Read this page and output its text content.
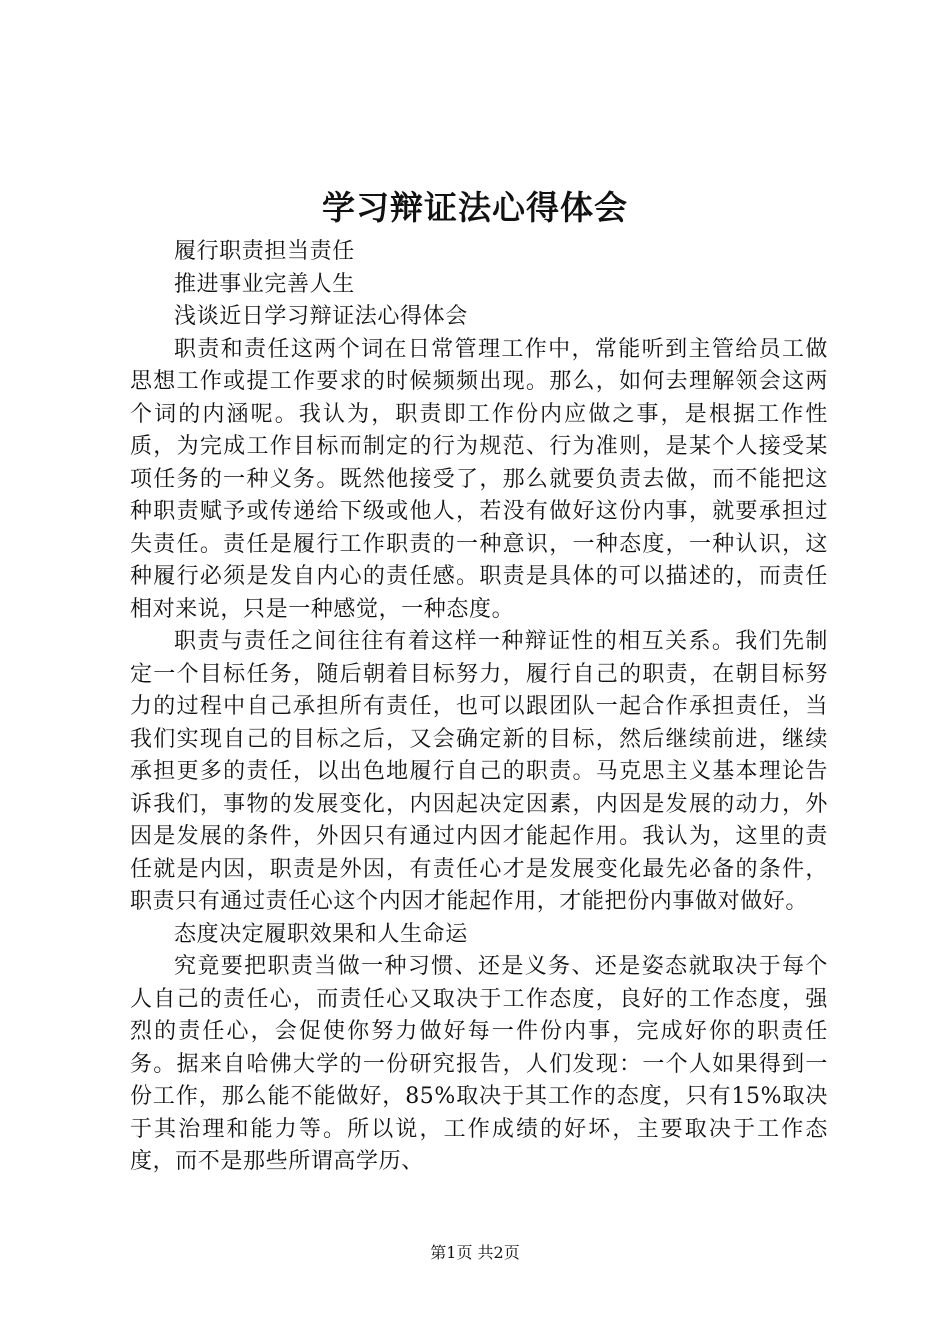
学习辩证法心得体会

履行职责担当责任

推进事业完善人生

浅谈近日学习辩证法心得体会

职责和责任这两个词在日常管理工作中，常能听到主管给员工做思想工作或提工作要求的时候频频出现。那么，如何去理解领会这两个词的内涵呢。我认为，职责即工作份内应做之事，是根据工作性质，为完成工作目标而制定的行为规范、行为准则，是某个人接受某项任务的一种义务。既然他接受了，那么就要负责去做，而不能把这种职责赋予或传递给下级或他人，若没有做好这份内事，就要承担过失责任。责任是履行工作职责的一种意识，一种态度，一种认识，这种履行必须是发自内心的责任感。职责是具体的可以描述的，而责任相对来说，只是一种感觉，一种态度。

职责与责任之间往往有着这样一种辩证性的相互关系。我们先制定一个目标任务，随后朝着目标努力，履行自己的职责，在朝目标努力的过程中自己承担所有责任，也可以跟团队一起合作承担责任，当我们实现自己的目标之后，又会确定新的目标，然后继续前进，继续承担更多的责任，以出色地履行自己的职责。马克思主义基本理论告诉我们，事物的发展变化，内因起决定因素，内因是发展的动力，外因是发展的条件，外因只有通过内因才能起作用。我认为，这里的责任就是内因，职责是外因，有责任心才是发展变化最先必备的条件，职责只有通过责任心这个内因才能起作用，才能把份内事做对做好。

态度决定履职效果和人生命运

究竟要把职责当做一种习惯、还是义务、还是姿态就取决于每个人自己的责任心，而责任心又取决于工作态度，良好的工作态度，强烈的责任心，会促使你努力做好每一件份内事，完成好你的职责任务。据来自哈佛大学的一份研究报告，人们发现：一个人如果得到一份工作，那么能不能做好，85%取决于其工作的态度，只有15%取决于其治理和能力等。所以说，工作成绩的好坏，主要取决于工作态度，而不是那些所谓高学历、

第1页 共2页
